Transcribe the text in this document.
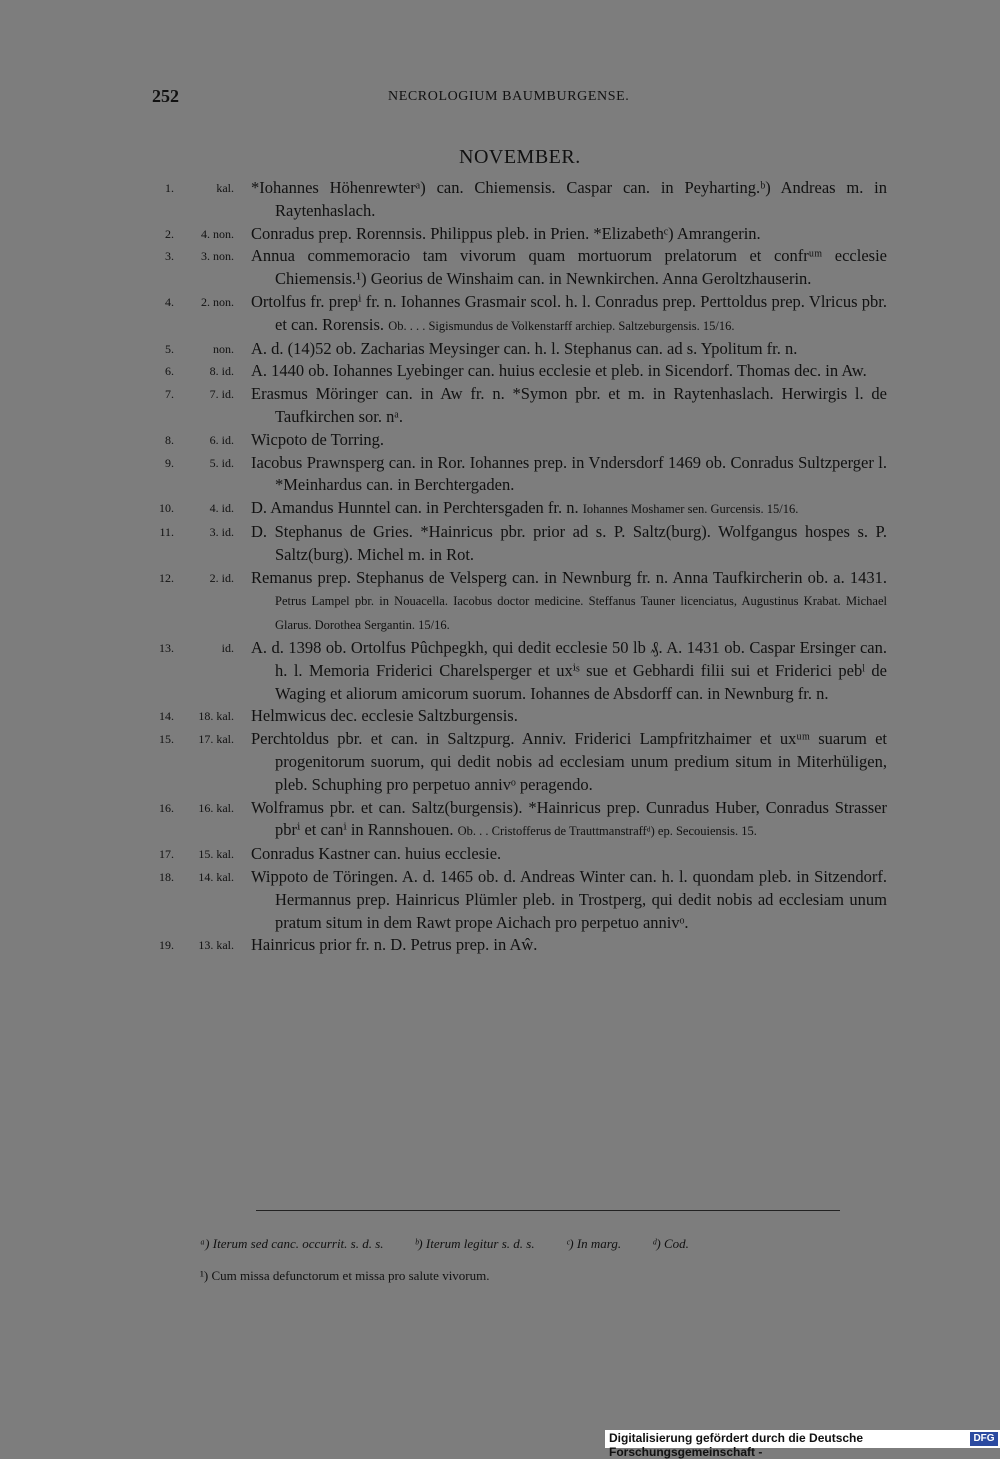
252	NECROLOGIUM BAUMBURGENSE.
NOVEMBER.
1.	kal. *Iohannes Höhenrewterᵃ) can. Chiemensis. Caspar can. in Peyharting.ᵇ) Andreas m. in Raytenhaslach.
2. 4. non. Conradus prep. Rorennsis. Philippus pleb. in Prien. *Elizabethᶜ) Amrangerin.
3. 3. non. Annua commemoracio tam vivorum quam mortuorum prelatorum et confrᵘᵐ ecclesie Chiemensis.¹) Georius de Winshaim can. in Newnkirchen. Anna Geroltzhauserin.
4. 2. non. Ortolfus fr. prepⁱ fr. n. Iohannes Grasmair scol. h. l. Conradus prep. Perttoldus prep. Vlricus pbr. et can. Rorensis. Ob. . . . Sigismundus de Volkenstarff archiep. Saltzeburgensis. 15/16.
5.	non. A. d. (14)52 ob. Zacharias Meysinger can. h. l. Stephanus can. ad s. Ypolitum fr. n.
6.	8. id. A. 1440 ob. Iohannes Lyebinger can. huius ecclesie et pleb. in Sicendorf. Thomas dec. in Aw.
7.	7. id. Erasmus Möringer can. in Aw fr. n. *Symon pbr. et m. in Raytenhaslach. Herwirgis l. de Taufkirchen sor. nᵃ.
8.	6. id. Wicpoto de Torring.
9.	5. id. Iacobus Prawnsperg can. in Ror. Iohannes prep. in Vndersdorf 1469 ob. Conradus Sultzperger l. *Meinhardus can. in Berchtergaden.
10.	4. id. D. Amandus Hunntel can. in Perchtersgaden fr. n. Iohannes Moshamer sen. Gurcensis. 15/16.
11.	3. id. D. Stephanus de Gries. *Hainricus pbr. prior ad s. P. Saltz(burg). Wolfgangus hospes s. P. Saltz(burg). Michel m. in Rot.
12.	2. id. Remanus prep. Stephanus de Velsperg can. in Newnburg fr. n. Anna Taufkircherin ob. a. 1431. Petrus Lampel pbr. in Nouacella. Iacobus doctor medicine. Steffanus Tauner licenciatus, Augustinus Krabat. Michael Glarus. Dorothea Sergantin. 15/16.
13.	id. A. d. 1398 ob. Ortolfus Pûchpegkh, qui dedit ecclesie 50 lb ₰. A. 1431 ob. Caspar Ersinger can. h. l. Memoria Friderici Charelsperger et uxⁱˢ sue et Gebhardi filii sui et Friderici pebˡ de Waging et aliorum amicorum suorum. Iohannes de Absdorff can. in Newnburg fr. n.
14. 18. kal. Helmwicus dec. ecclesie Saltzburgensis.
15. 17. kal. Perchtoldus pbr. et can. in Saltzpurg. Anniv. Friderici Lampfritzhaimer et uxᵘᵐ suarum et progenitorum suorum, qui dedit nobis ad ecclesiam unum predium situm in Miterhüligen, pleb. Schuphing pro perpetuo annivᵒ peragendo.
16. 16. kal. Wolframus pbr. et can. Saltz(burgensis). *Hainricus prep. Cunradus Huber, Conradus Strasser pbrⁱ et canⁱ in Rannshouen. Ob. . . Cristofferus de Trauttmanstraffᵈ) ep. Secouiensis. 15.
17. 15. kal. Conradus Kastner can. huius ecclesie.
18. 14. kal. Wippoto de Töringen. A. d. 1465 ob. d. Andreas Winter can. h. l. quondam pleb. in Sitzendorf. Hermannus prep. Hainricus Plümler pleb. in Trostperg, qui dedit nobis ad ecclesiam unum pratum situm in dem Rawt prope Aichach pro perpetuo annivᵒ.
19. 13. kal. Hainricus prior fr. n. D. Petrus prep. in Aŵ.
ᵃ) Iterum sed canc. occurrit. s. d. s. ᵇ) Iterum legitur s. d. s. ᶜ) In marg. ᵈ) Cod.
¹) Cum missa defunctorum et missa pro salute vivorum.
Digitalisierung gefördert durch die Deutsche Forschungsgemeinschaft -
DFG
